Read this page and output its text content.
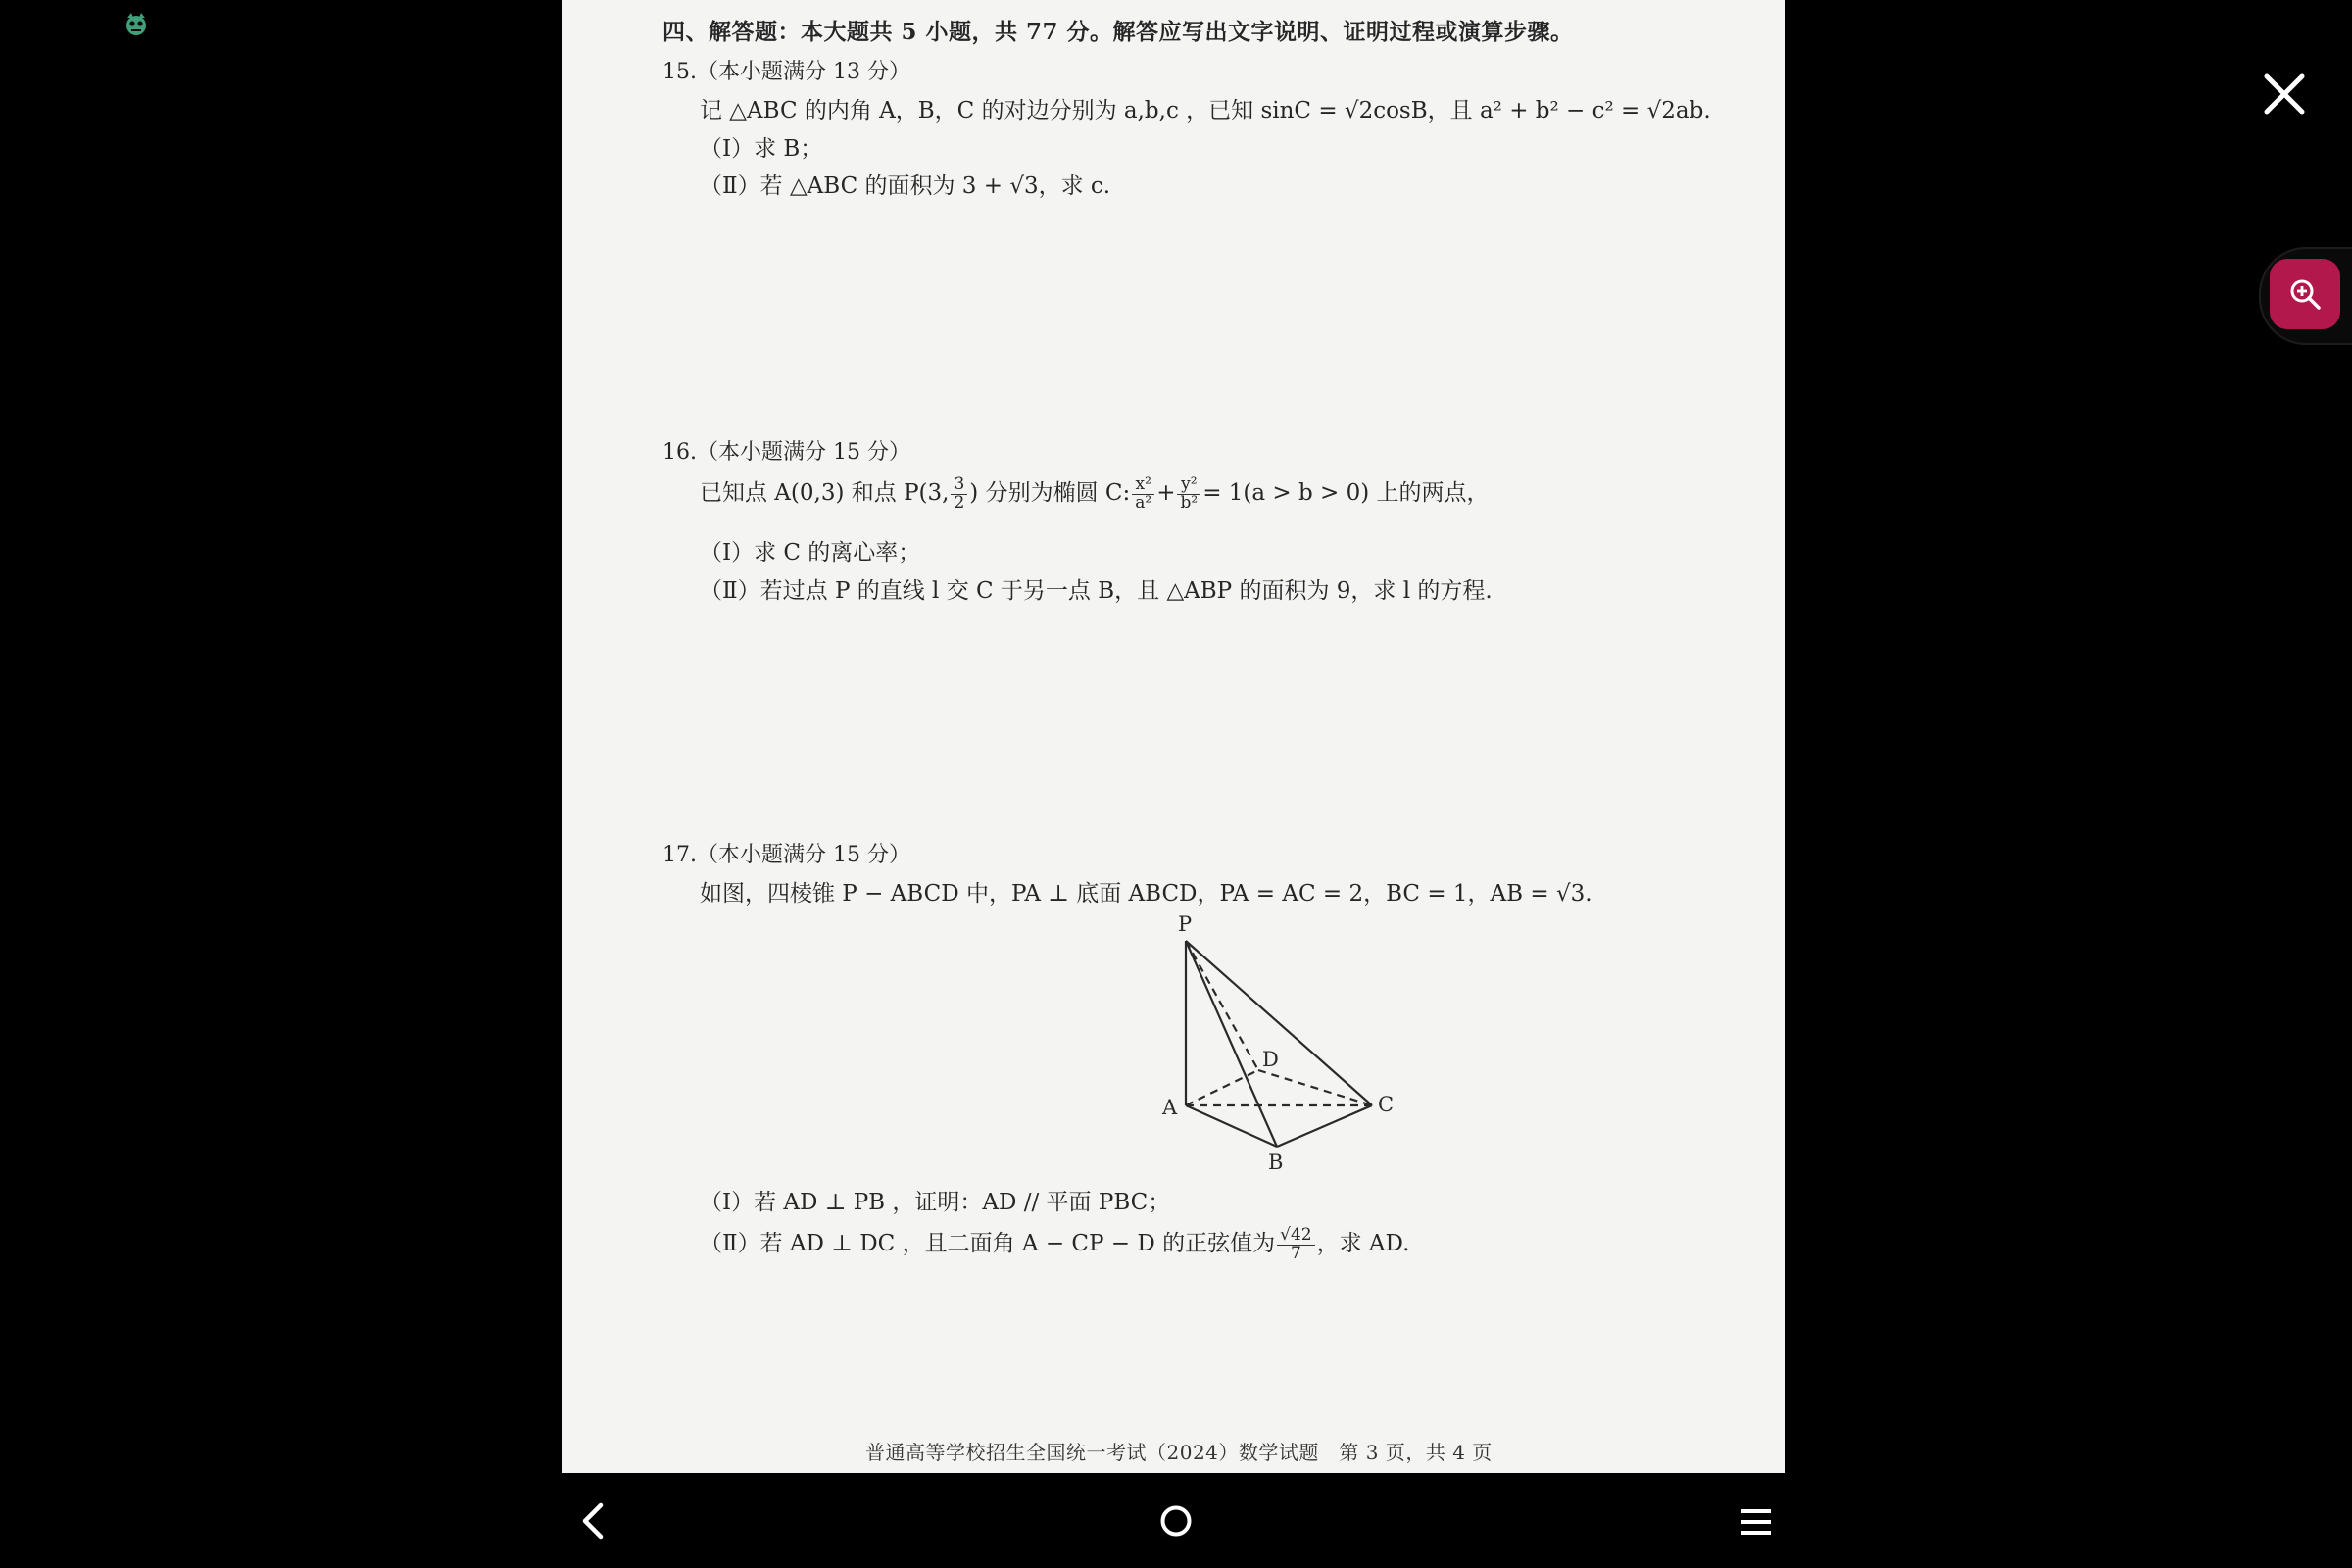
四、解答题：本大题共 5 小题，共 77 分。解答应写出文字说明、证明过程或演算步骤。
15.（本小题满分 13 分）
记 △ABC 的内角 A，B，C 的对边分别为 a,b,c ，已知 sinC = √2cosB，且 a² + b² − c² = √2ab.
（Ⅰ）求 B；
（Ⅱ）若 △ABC 的面积为 3 + √3，求 c.
16.（本小题满分 15 分）
已知点 A(0,3) 和点 P(3, $\frac{3}{2}$ ) 分别为椭圆 C: $\frac{\text{x²}}{\text{a²}} + \frac{\text{y²}}{\text{b²}} = 1(a > b > 0)$ 上的两点，
（Ⅰ）求 C 的离心率；
（Ⅱ）若过点 P 的直线 l 交 C 于另一点 B，且 △ABP 的面积为 9，求 l 的方程.
17.（本小题满分 15 分）
如图，四棱锥 P − ABCD 中，PA ⊥ 底面 ABCD，PA = AC = 2，BC = 1，AB = √3.
P
D
A	C
B
（Ⅰ）若 AD ⊥ PB ，证明：AD // 平面 PBC；
（Ⅱ）若 AD ⊥ DC ，且二面角 A − CP − D 的正弦值为 $\frac{√42}{7}$ ，求 AD.
普通高等学校招生全国统一考试（2024）数学试题　第 3 页，共 4 页
